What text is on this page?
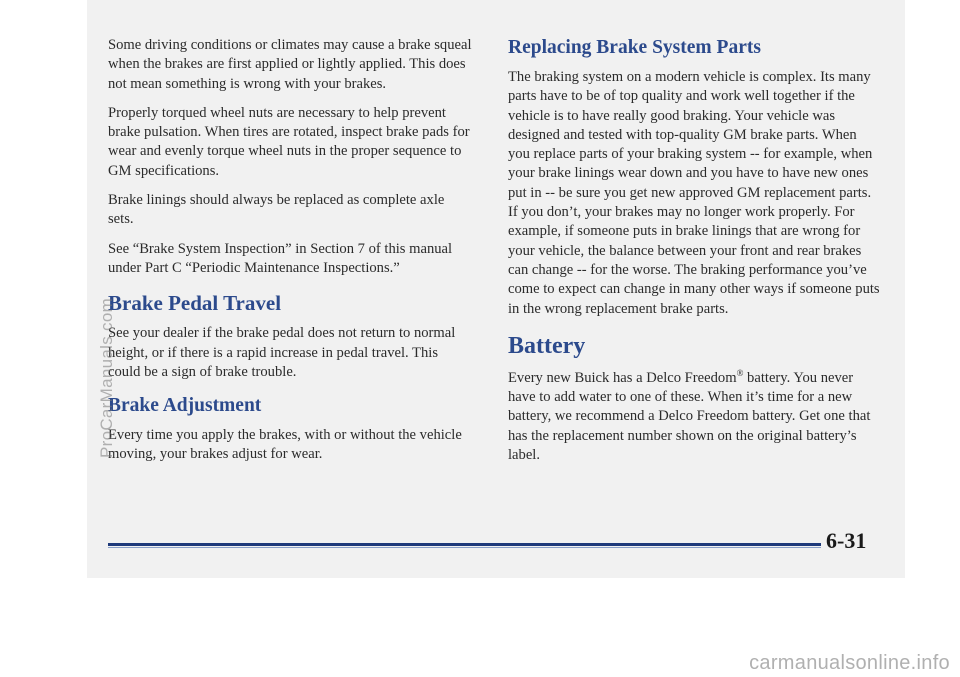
Some driving conditions or climates may cause a brake squeal when the brakes are first applied or lightly applied. This does not mean something is wrong with your brakes.

Properly torqued wheel nuts are necessary to help prevent brake pulsation. When tires are rotated, inspect brake pads for wear and evenly torque wheel nuts in the proper sequence to GM specifications.

Brake linings should always be replaced as complete axle sets.

See “Brake System Inspection” in Section 7 of this manual under Part C “Periodic Maintenance Inspections.”

Brake Pedal Travel

See your dealer if the brake pedal does not return to normal height, or if there is a rapid increase in pedal travel. This could be a sign of brake trouble.

Brake Adjustment

Every time you apply the brakes, with or without the vehicle moving, your brakes adjust for wear.

Replacing Brake System Parts

The braking system on a modern vehicle is complex. Its many parts have to be of top quality and work well together if the vehicle is to have really good braking. Your vehicle was designed and tested with top-quality GM brake parts. When you replace parts of your braking system -- for example, when your brake linings wear down and you have to have new ones put in -- be sure you get new approved GM replacement parts. If you don’t, your brakes may no longer work properly. For example, if someone puts in brake linings that are wrong for your vehicle, the balance between your front and rear brakes can change -- for the worse. The braking performance you’ve come to expect can change in many other ways if someone puts in the wrong replacement brake parts.

Battery

Every new Buick has a Delco Freedom® battery. You never have to add water to one of these. When it’s time for a new battery, we recommend a Delco Freedom battery. Get one that has the replacement number shown on the original battery’s label.

6-31
ProCarManuals.com
carmanualsonline.info
